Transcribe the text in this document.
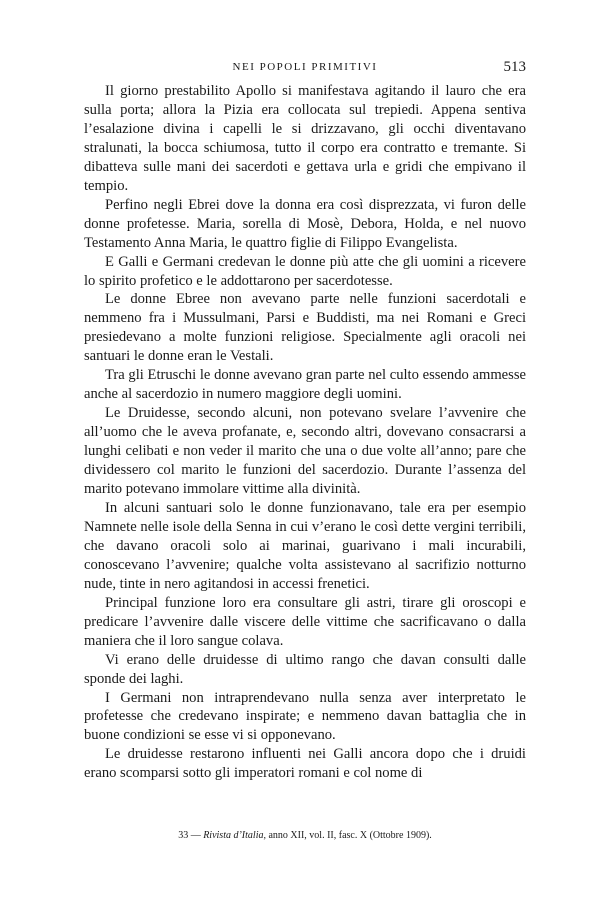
NEI POPOLI PRIMITIVI	513

Il giorno prestabilito Apollo si manifestava agitando il lauro che era sulla porta; allora la Pizia era collocata sul trepiedi. Appena sentiva l’esalazione divina i capelli le si drizzavano, gli occhi diventavano stralunati, la bocca schiumosa, tutto il corpo era contratto e tremante. Si dibatteva sulle mani dei sacerdoti e gettava urla e gridi che empivano il tempio.

Perfino negli Ebrei dove la donna era così disprezzata, vi furon delle donne profetesse. Maria, sorella di Mosè, Debora, Holda, e nel nuovo Testamento Anna Maria, le quattro figlie di Filippo Evangelista.

E Galli e Germani credevan le donne più atte che gli uomini a ricevere lo spirito profetico e le addottarono per sacerdotesse.

Le donne Ebree non avevano parte nelle funzioni sacerdotali e nemmeno fra i Mussulmani, Parsi e Buddisti, ma nei Romani e Greci presiedevano a molte funzioni religiose. Specialmente agli oracoli nei santuari le donne eran le Vestali.

Tra gli Etruschi le donne avevano gran parte nel culto essendo ammesse anche al sacerdozio in numero maggiore degli uomini.

Le Druidesse, secondo alcuni, non potevano svelare l’avvenire che all’uomo che le aveva profanate, e, secondo altri, dovevano consacrarsi a lunghi celibati e non veder il marito che una o due volte all’anno; pare che dividessero col marito le funzioni del sacerdozio. Durante l’assenza del marito potevano immolare vittime alla divinità.

In alcuni santuari solo le donne funzionavano, tale era per esempio Namnete nelle isole della Senna in cui v’erano le così dette vergini terribili, che davano oracoli solo ai marinai, guarivano i mali incurabili, conoscevano l’avvenire; qualche volta assistevano al sacrifizio notturno nude, tinte in nero agitandosi in accessi frenetici.

Principal funzione loro era consultare gli astri, tirare gli oroscopi e predicare l’avvenire dalle viscere delle vittime che sacrificavano o dalla maniera che il loro sangue colava.

Vi erano delle druidesse di ultimo rango che davan consulti dalle sponde dei laghi.

I Germani non intraprendevano nulla senza aver interpretato le profetesse che credevano inspirate; e nemmeno davan battaglia che in buone condizioni se esse vi si opponevano.

Le druidesse restarono influenti nei Galli ancora dopo che i druidi erano scomparsi sotto gli imperatori romani e col nome di

33 — Rivista d’Italia, anno XII, vol. II, fasc. X (Ottobre 1909).
